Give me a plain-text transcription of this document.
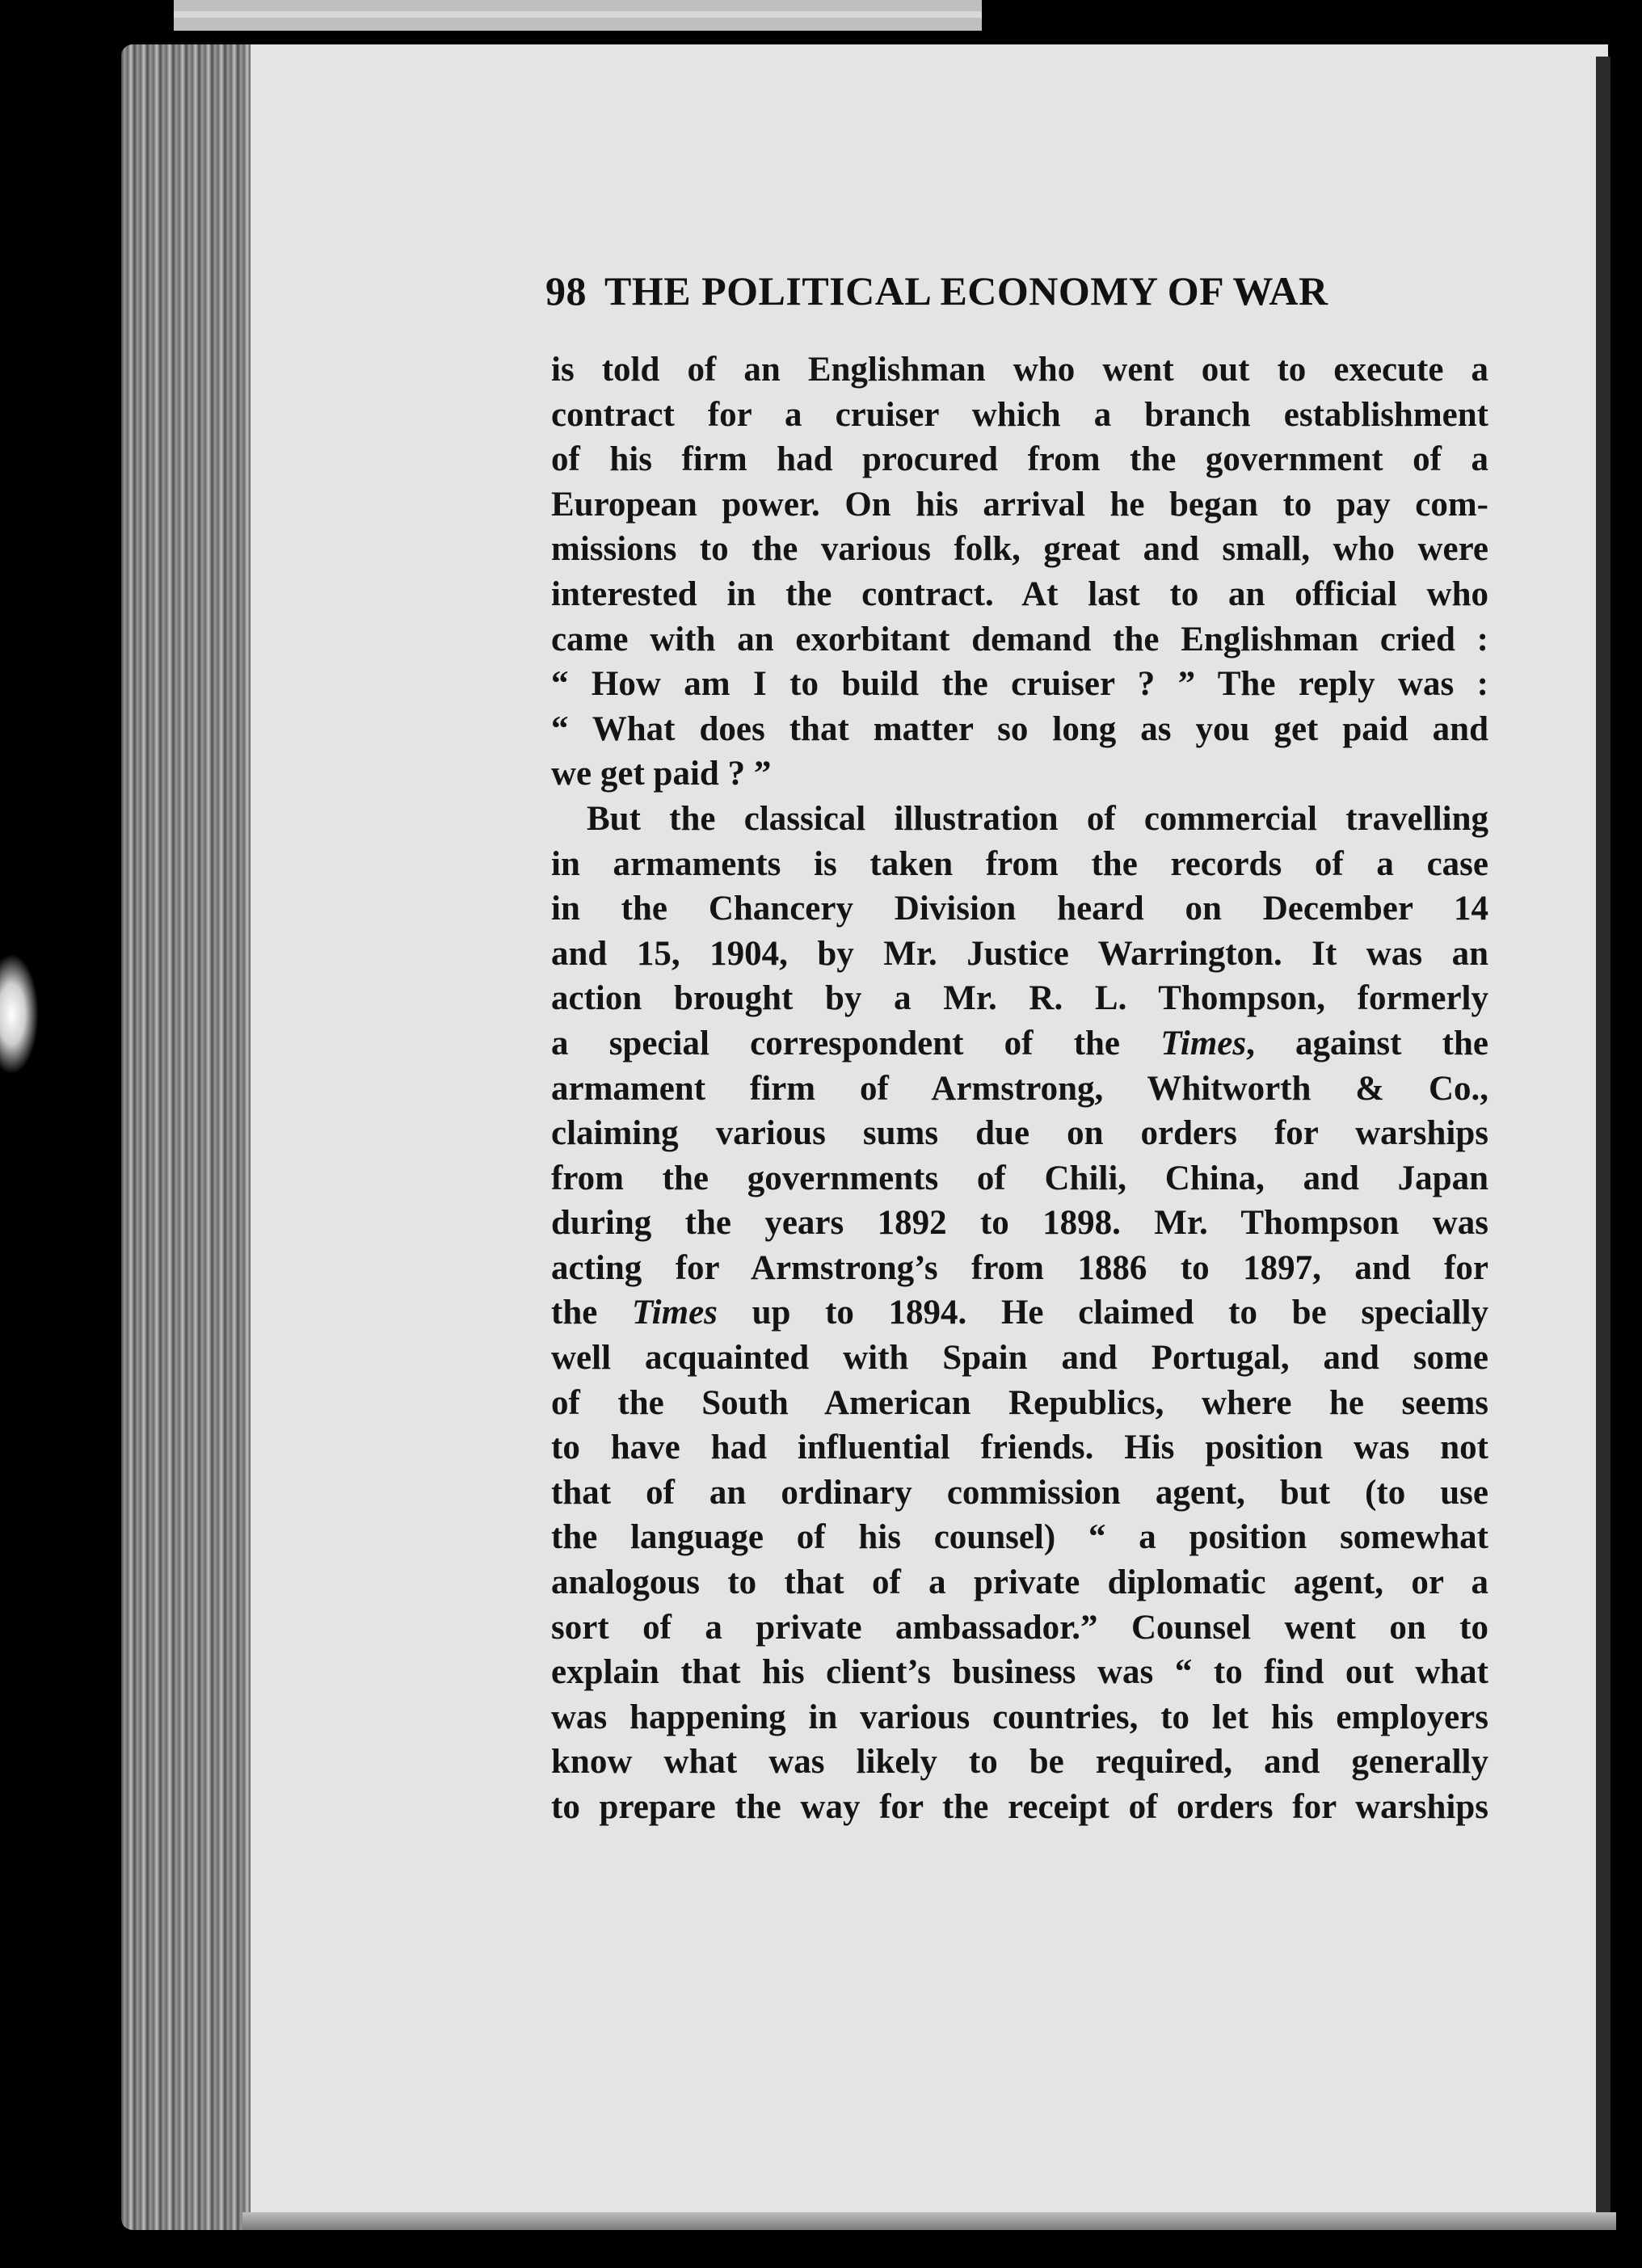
98 THE POLITICAL ECONOMY OF WAR
is told of an Englishman who went out to execute a
contract for a cruiser which a branch establishment
of his firm had procured from the government of a
European power. On his arrival he began to pay com-
missions to the various folk, great and small, who were
interested in the contract. At last to an official who
came with an exorbitant demand the Englishman cried :
“ How am I to build the cruiser ? ” The reply was :
“ What does that matter so long as you get paid and
we get paid ? ”
But the classical illustration of commercial travelling
in armaments is taken from the records of a case
in the Chancery Division heard on December 14
and 15, 1904, by Mr. Justice Warrington. It was an
action brought by a Mr. R. L. Thompson, formerly
a special correspondent of the Times, against the
armament firm of Armstrong, Whitworth & Co.,
claiming various sums due on orders for warships
from the governments of Chili, China, and Japan
during the years 1892 to 1898. Mr. Thompson was
acting for Armstrong’s from 1886 to 1897, and for
the Times up to 1894. He claimed to be specially
well acquainted with Spain and Portugal, and some
of the South American Republics, where he seems
to have had influential friends. His position was not
that of an ordinary commission agent, but (to use
the language of his counsel) “ a position somewhat
analogous to that of a private diplomatic agent, or a
sort of a private ambassador.” Counsel went on to
explain that his client’s business was “ to find out what
was happening in various countries, to let his employers
know what was likely to be required, and generally
to prepare the way for the receipt of orders for warships
